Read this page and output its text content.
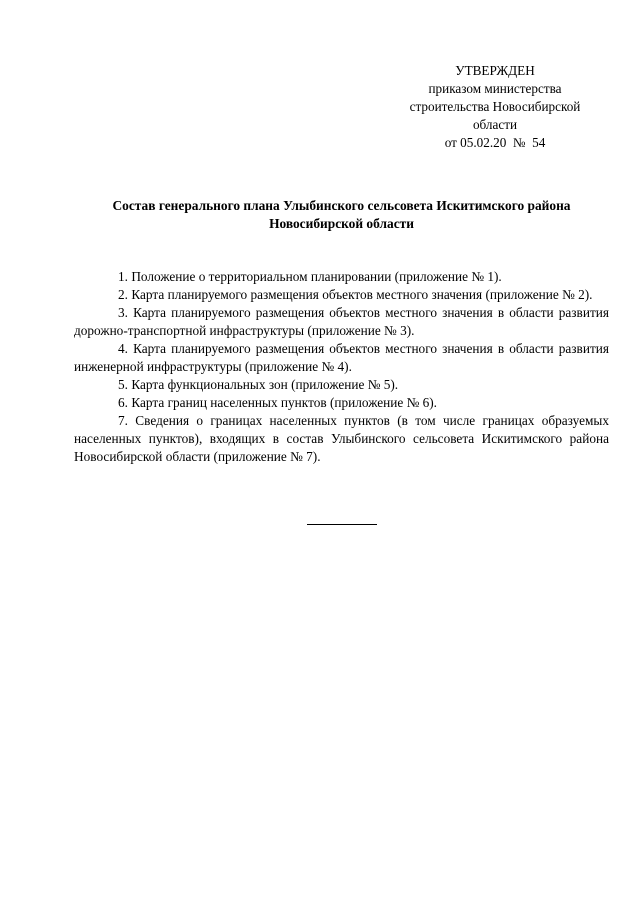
УТВЕРЖДЕН
приказом министерства
строительства Новосибирской
области
от 05.02.20  №  54
Состав генерального плана Улыбинского сельсовета Искитимского района
Новосибирской области

1. Положение о территориальном планировании (приложение № 1).

2. Карта планируемого размещения объектов местного значения (приложение № 2).

3. Карта планируемого размещения объектов местного значения в области развития дорожно-транспортной инфраструктуры (приложение № 3).

4. Карта планируемого размещения объектов местного значения в области развития инженерной инфраструктуры (приложение № 4).

5. Карта функциональных зон (приложение № 5).

6. Карта границ населенных пунктов (приложение № 6).

7. Сведения о границах населенных пунктов (в том числе границах образуемых населенных пунктов), входящих в состав Улыбинского сельсовета Искитимского района Новосибирской области (приложение № 7).
